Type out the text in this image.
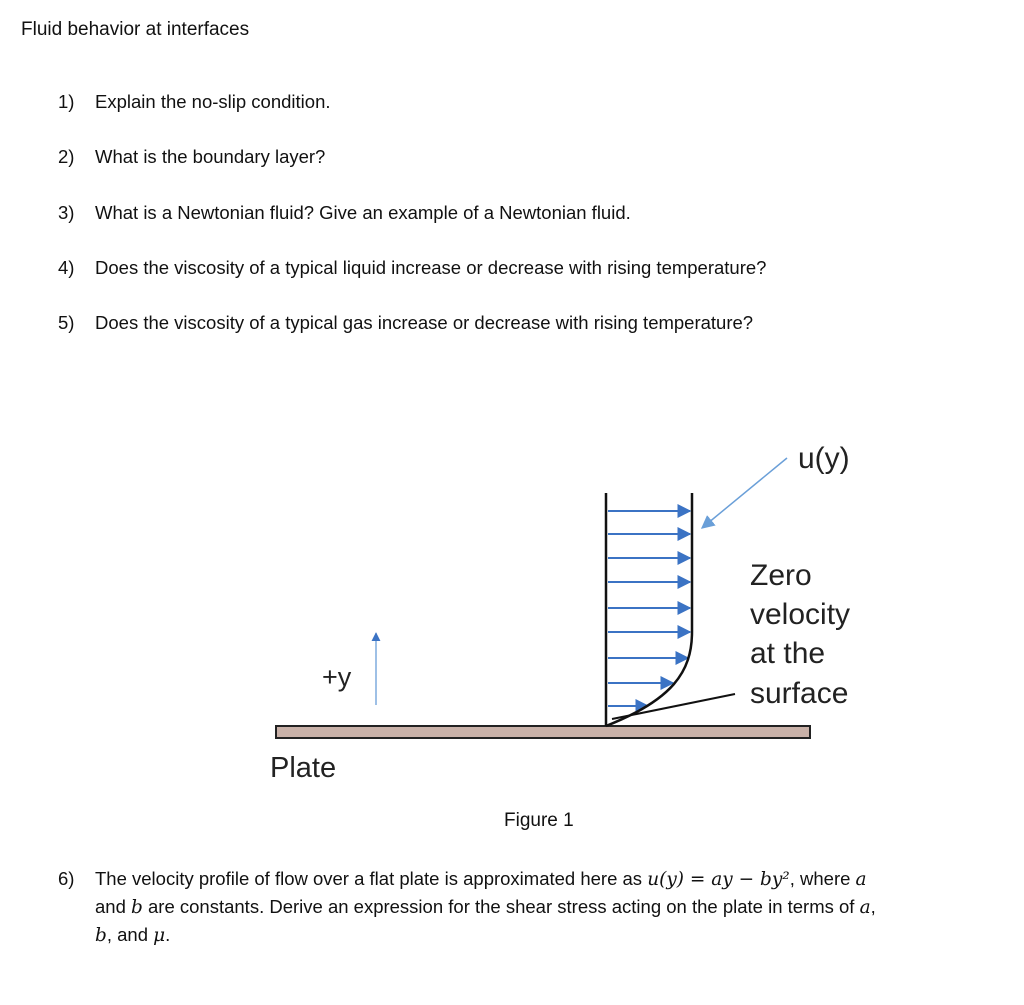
Fluid behavior at interfaces
1) Explain the no-slip condition.
2) What is the boundary layer?
3) What is a Newtonian fluid? Give an example of a Newtonian fluid.
4) Does the viscosity of a typical liquid increase or decrease with rising temperature?
5) Does the viscosity of a typical gas increase or decrease with rising temperature?
Plate
+y
u(y)
Zero
velocity
at the
surface
Figure 1
6) The velocity profile of flow over a flat plate is approximated here as u(y) = ay − by², where a
and b are constants. Derive an expression for the shear stress acting on the plate in terms of a,
b, and μ.
